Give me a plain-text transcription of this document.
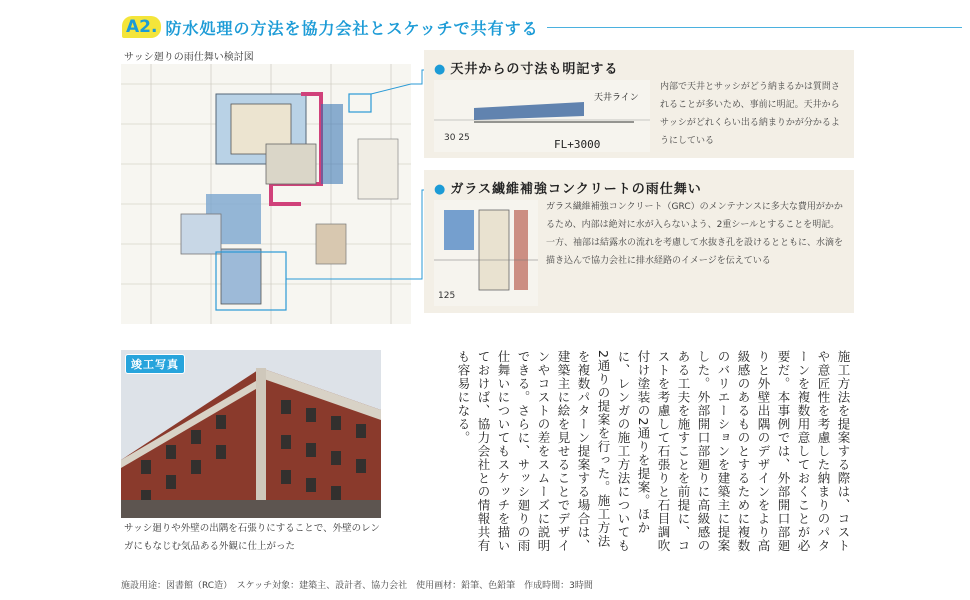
A2. 防水処理の方法を協力会社とスケッチで共有する
サッシ廻りの雨仕舞い検討図
● 天井からの寸法も明記する
30 25	FL+3000
天井ライン
内部で天井とサッシがどう納まるかは質問されることが多いため、事前に明記。天井からサッシがどれくらい出る納まりかが分かるようにしている
● ガラス繊維補強コンクリートの雨仕舞い
125
ガラス繊維補強コンクリート（GRC）のメンテナンスに多大な費用がかかるため、内部は絶対に水が入らないよう、2重シールとすることを明記。一方、袖部は結露水の流れを考慮して水抜き孔を設けるとともに、水滴を描き込んで協力会社に排水経路のイメージを伝えている
竣工写真
サッシ廻りや外壁の出隅を石張りにすることで、外壁のレンガにもなじむ気品ある外観に仕上がった	施工方法を提案する際は、コストや意匠性を考慮した納まりのパターンを複数用意しておくことが必要だ。本事例では、外部開口部廻りと外壁出隅のデザインをより高級感のあるものとするために複数のバリエーションを建築主に提案した。外部開口部廻りに高級感のある工夫を施すことを前提に、コストを考慮して石張りと石目調吹付け塗装の2通りを提案。ほかに、レンガの施工方法についても2通りの提案を行った。施工方法を複数パターン提案する場合は、建築主に絵を見せることでデザインやコストの差をスムーズに説明できる。さらに、サッシ廻りの雨仕舞いについてもスケッチを描いておけば、協力会社との情報共有も容易になる。
施設用途：図書館（RC造）　スケッチ対象：建築主、設計者、協力会社　使用画材：鉛筆、色鉛筆　作成時間：3時間
